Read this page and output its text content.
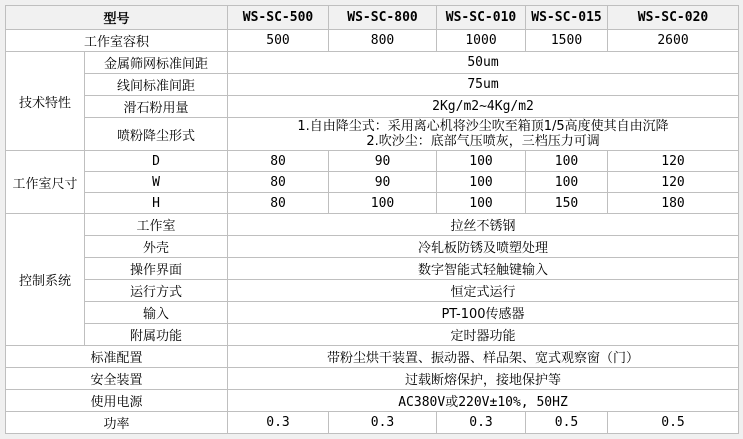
型号		WS-SC-500	WS-SC-800	WS-SC-010	WS-SC-015	WS-SC-020
工作室容积		500	800	1000	1500	2600
技术特性	金属筛网标准间距	50um				
	线间标准间距	75um				
	滑石粉用量	2Kg/m2~4Kg/m2				
	喷粉降尘形式	1.自由降尘式：采用离心机将沙尘吹至箱顶1/5高度使其自由沉降
2.吹沙尘：底部气压喷灰，三档压力可调				

工作室尺寸	D	80	90	100	100	120
	W	80	90	100	100	120
	H	80	100	100	150	180
控制系统	工作室	拉丝不锈钢				
	外壳	冷轧板防锈及喷塑处理				
	操作界面	数字智能式轻触键输入				
	运行方式	恒定式运行				
	输入	PT-100传感器				
	附属功能	定时器功能				
标准配置		带粉尘烘干装置、振动器、样品架、宽式观察窗（门）				
安全装置		过载断熔保护，接地保护等				
使用电源		AC380V或220V±10%, 50HZ				
功率		0.3	0.3	0.3	0.5	0.5
